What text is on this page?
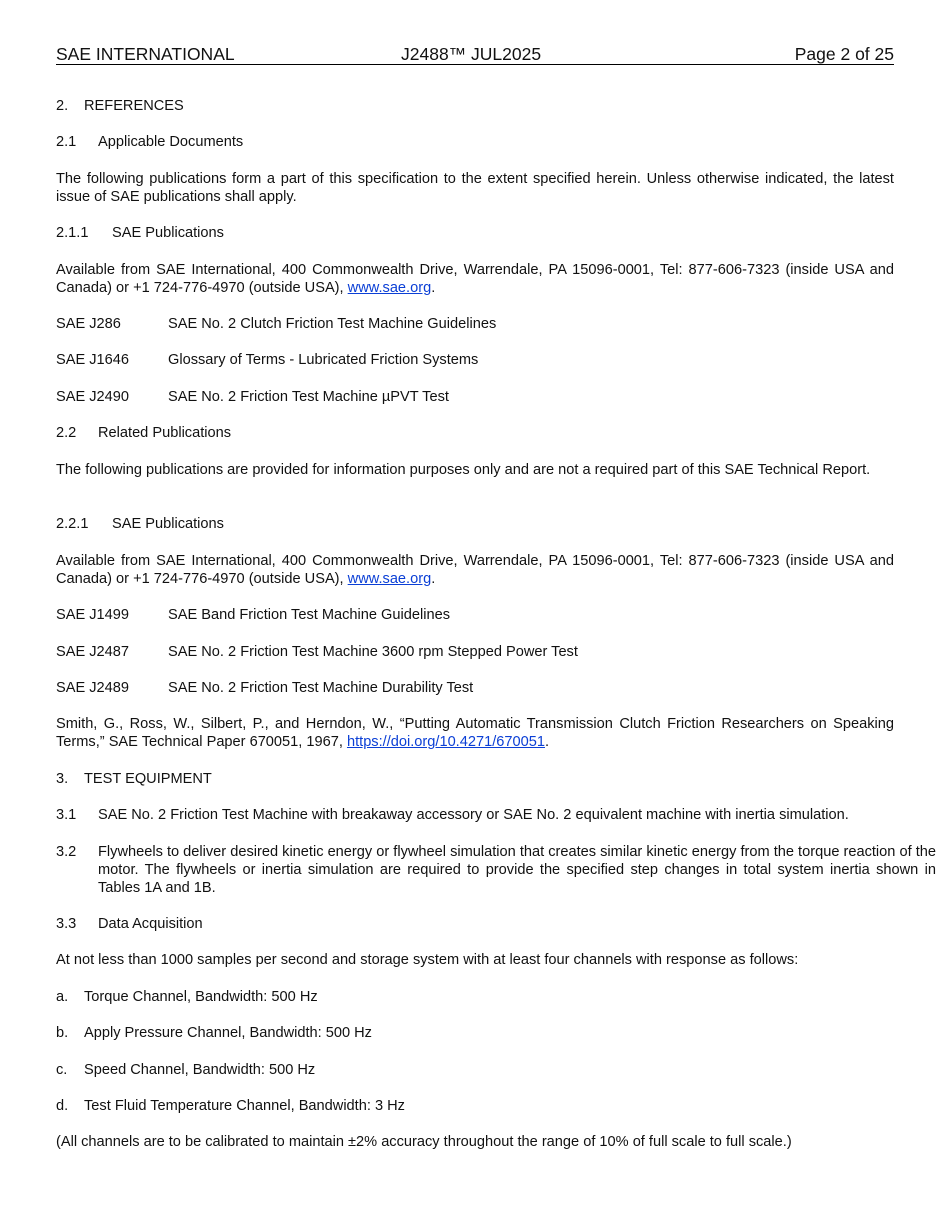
SAE INTERNATIONAL	J2488™ JUL2025	Page 2 of 25
2. REFERENCES
2.1 Applicable Documents
The following publications form a part of this specification to the extent specified herein. Unless otherwise indicated, the latest issue of SAE publications shall apply.
2.1.1 SAE Publications
Available from SAE International, 400 Commonwealth Drive, Warrendale, PA 15096-0001, Tel: 877-606-7323 (inside USA and Canada) or +1 724-776-4970 (outside USA), www.sae.org.
SAE J286	SAE No. 2 Clutch Friction Test Machine Guidelines
SAE J1646	Glossary of Terms - Lubricated Friction Systems
SAE J2490	SAE No. 2 Friction Test Machine µPVT Test
2.2 Related Publications
The following publications are provided for information purposes only and are not a required part of this SAE Technical Report.
2.2.1 SAE Publications
Available from SAE International, 400 Commonwealth Drive, Warrendale, PA 15096-0001, Tel: 877-606-7323 (inside USA and Canada) or +1 724-776-4970 (outside USA), www.sae.org.
SAE J1499	SAE Band Friction Test Machine Guidelines
SAE J2487	SAE No. 2 Friction Test Machine 3600 rpm Stepped Power Test
SAE J2489	SAE No. 2 Friction Test Machine Durability Test
Smith, G., Ross, W., Silbert, P., and Herndon, W., “Putting Automatic Transmission Clutch Friction Researchers on Speaking Terms,” SAE Technical Paper 670051, 1967, https://doi.org/10.4271/670051.
3. TEST EQUIPMENT
3.1 SAE No. 2 Friction Test Machine with breakaway accessory or SAE No. 2 equivalent machine with inertia simulation.
3.2 Flywheels to deliver desired kinetic energy or flywheel simulation that creates similar kinetic energy from the torque reaction of the motor. The flywheels or inertia simulation are required to provide the specified step changes in total system inertia shown in Tables 1A and 1B.
3.3 Data Acquisition
At not less than 1000 samples per second and storage system with at least four channels with response as follows:
a. Torque Channel, Bandwidth: 500 Hz
b. Apply Pressure Channel, Bandwidth: 500 Hz
c. Speed Channel, Bandwidth: 500 Hz
d. Test Fluid Temperature Channel, Bandwidth: 3 Hz
(All channels are to be calibrated to maintain ±2% accuracy throughout the range of 10% of full scale to full scale.)
